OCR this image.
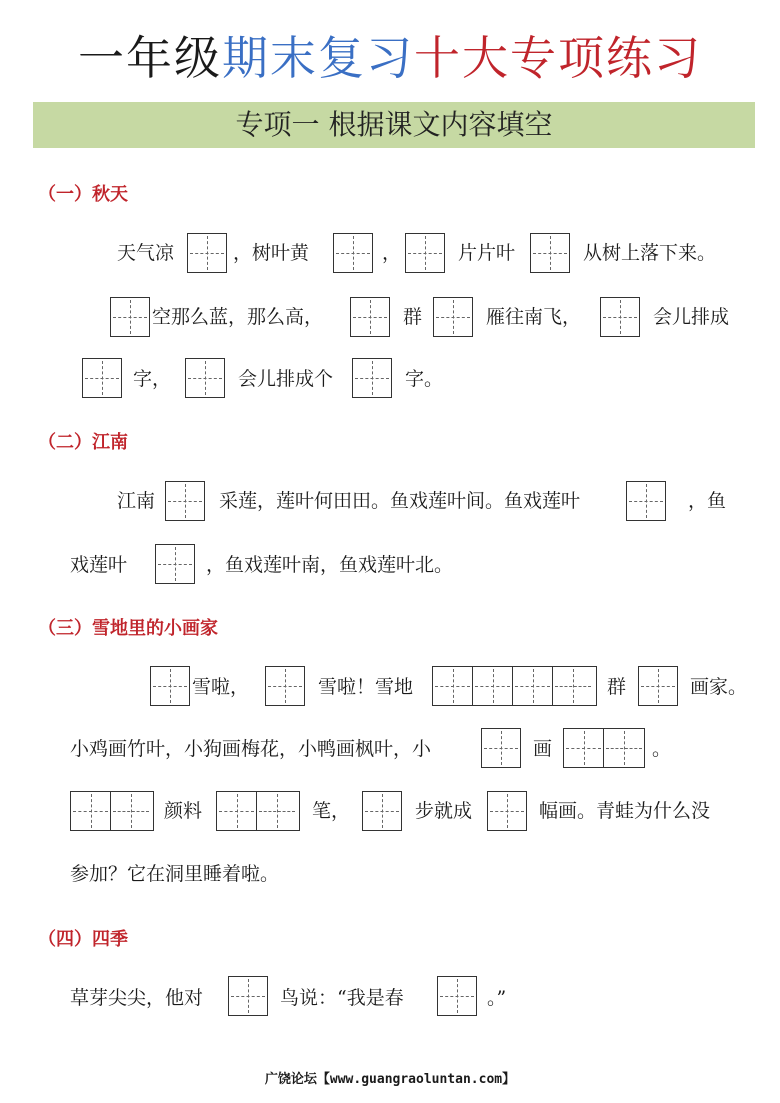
一年级期末复习十大专项练习
专项一 根据课文内容填空
（一）秋天
天气凉	，树叶黄	，	片片叶	从树上落下来。
空那么蓝，那么高，	群	雁往南飞，	会儿排成
字，	会儿排成个	字。
（二）江南
江南	采莲，莲叶何田田。鱼戏莲叶间。鱼戏莲叶	，鱼
戏莲叶	，鱼戏莲叶南，鱼戏莲叶北。
（三）雪地里的小画家
雪啦，	雪啦！雪地	群	画家。
小鸡画竹叶，小狗画梅花，小鸭画枫叶，小	画	。
颜料	笔，	步就成	幅画。青蛙为什么没
参加？它在洞里睡着啦。
（四）四季
草芽尖尖，他对	鸟说：“我是春	。”
广饶论坛【www.guangraoluntan.com】
